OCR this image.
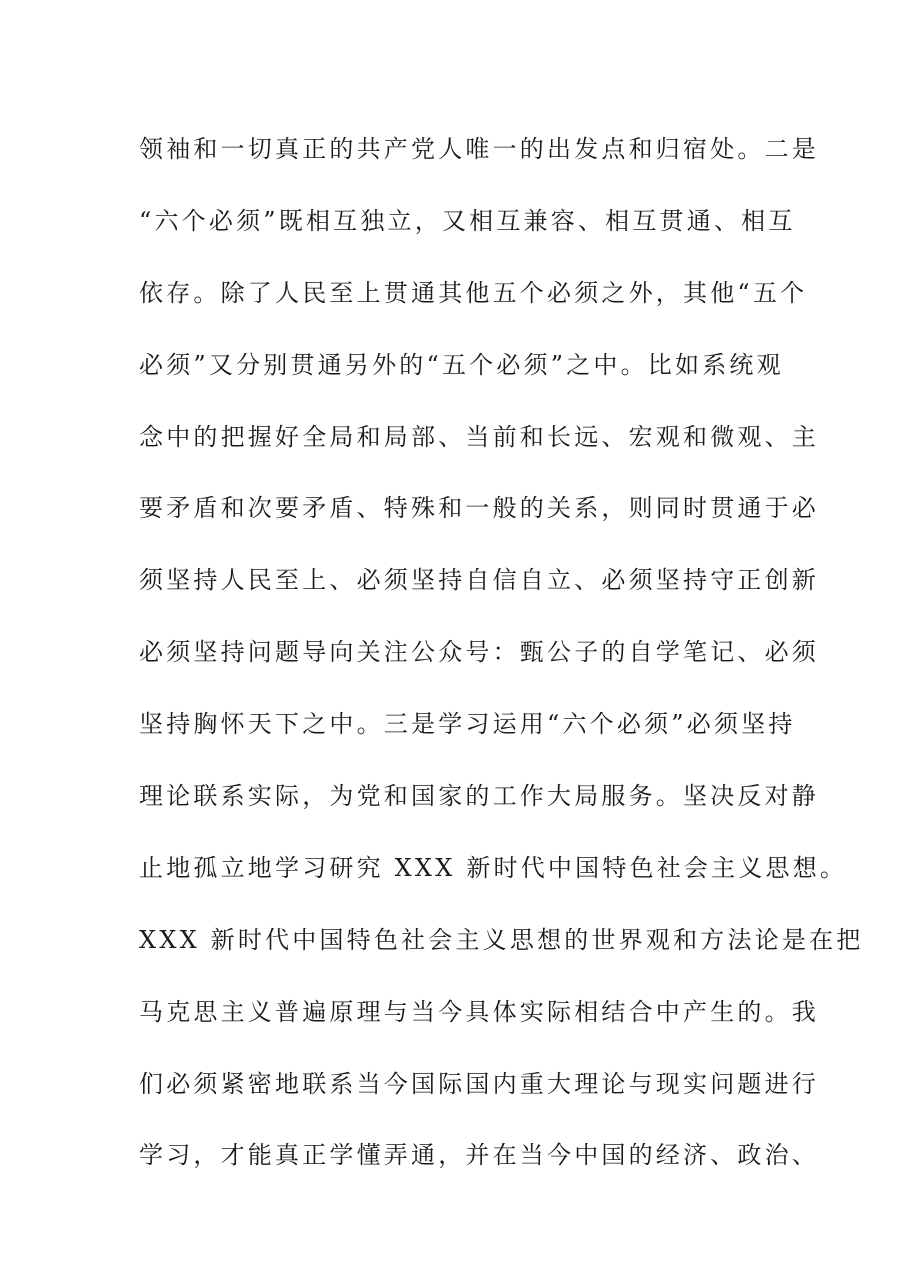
领袖和一切真正的共产党人唯一的出发点和归宿处。二是
“六个必须”既相互独立，又相互兼容、相互贯通、相互
依存。除了人民至上贯通其他五个必须之外，其他“五个
必须”又分别贯通另外的“五个必须”之中。比如系统观
念中的把握好全局和局部、当前和长远、宏观和微观、主
要矛盾和次要矛盾、特殊和一般的关系，则同时贯通于必
须坚持人民至上、必须坚持自信自立、必须坚持守正创新
必须坚持问题导向关注公众号：甄公子的自学笔记、必须
坚持胸怀天下之中。三是学习运用“六个必须”必须坚持
理论联系实际，为党和国家的工作大局服务。坚决反对静
止地孤立地学习研究 XXX 新时代中国特色社会主义思想。
XXX 新时代中国特色社会主义思想的世界观和方法论是在把
马克思主义普遍原理与当今具体实际相结合中产生的。我
们必须紧密地联系当今国际国内重大理论与现实问题进行
学习，才能真正学懂弄通，并在当今中国的经济、政治、
